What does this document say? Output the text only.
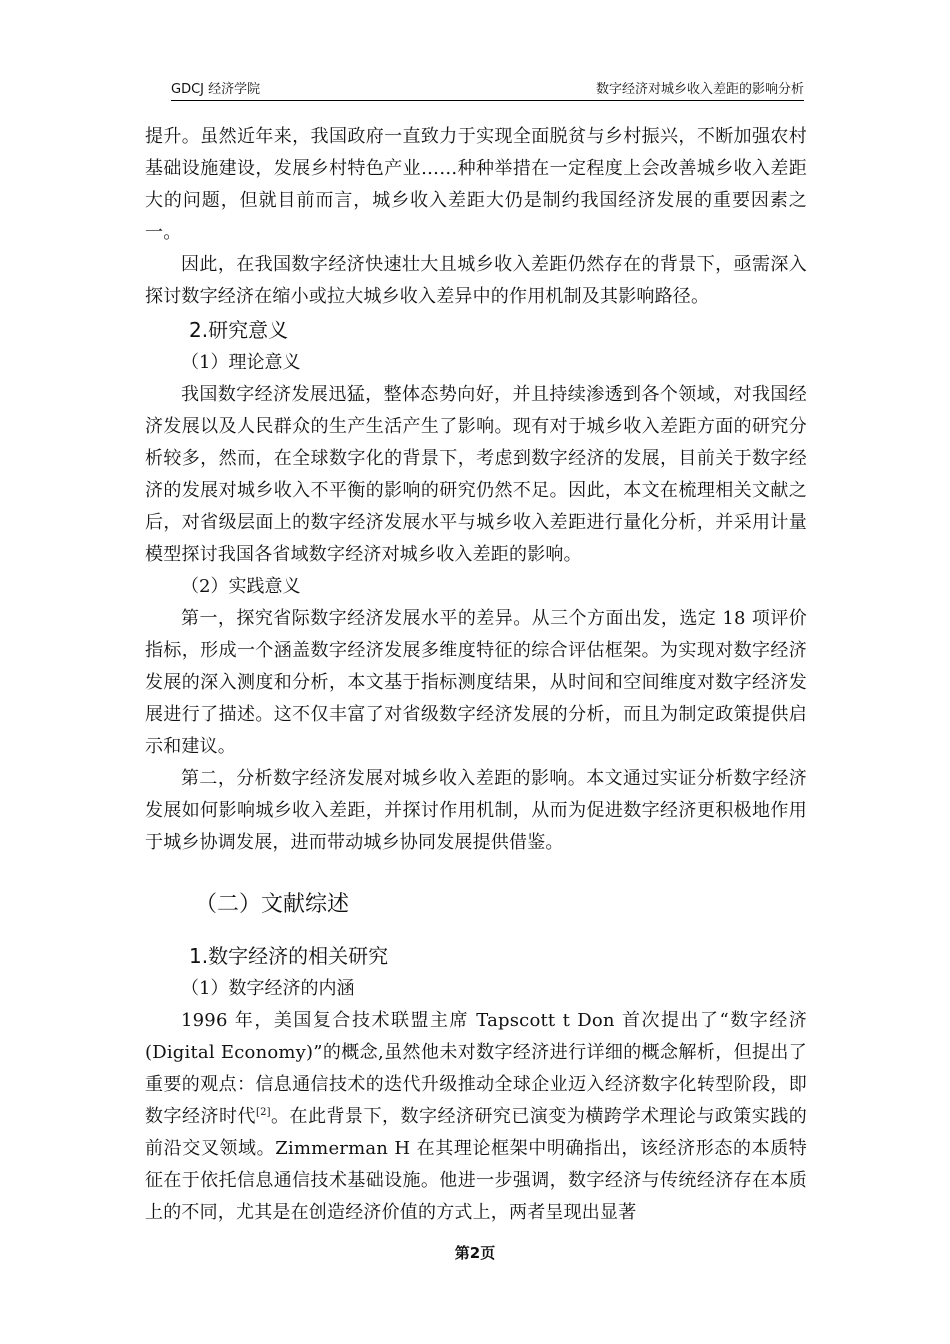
GDCJ 经济学院	数字经济对城乡收入差距的影响分析

提升。虽然近年来，我国政府一直致力于实现全面脱贫与乡村振兴，不断加强农村基础设施建设，发展乡村特色产业……种种举措在一定程度上会改善城乡收入差距大的问题，但就目前而言，城乡收入差距大仍是制约我国经济发展的重要因素之一。

因此，在我国数字经济快速壮大且城乡收入差距仍然存在的背景下，亟需深入探讨数字经济在缩小或拉大城乡收入差异中的作用机制及其影响路径。

2.研究意义
（1）理论意义

我国数字经济发展迅猛，整体态势向好，并且持续渗透到各个领域，对我国经济发展以及人民群众的生产生活产生了影响。现有对于城乡收入差距方面的研究分析较多，然而，在全球数字化的背景下，考虑到数字经济的发展，目前关于数字经济的发展对城乡收入不平衡的影响的研究仍然不足。因此，本文在梳理相关文献之后，对省级层面上的数字经济发展水平与城乡收入差距进行量化分析，并采用计量模型探讨我国各省域数字经济对城乡收入差距的影响。

（2）实践意义

第一，探究省际数字经济发展水平的差异。从三个方面出发，选定 18 项评价指标，形成一个涵盖数字经济发展多维度特征的综合评估框架。为实现对数字经济发展的深入测度和分析，本文基于指标测度结果，从时间和空间维度对数字经济发展进行了描述。这不仅丰富了对省级数字经济发展的分析，而且为制定政策提供启示和建议。

第二，分析数字经济发展对城乡收入差距的影响。本文通过实证分析数字经济发展如何影响城乡收入差距，并探讨作用机制，从而为促进数字经济更积极地作用于城乡协调发展，进而带动城乡协同发展提供借鉴。

（二）文献综述
1.数字经济的相关研究
（1）数字经济的内涵

1996 年，美国复合技术联盟主席 Tapscott t Don 首次提出了“数字经济(Digital Economy)”的概念,虽然他未对数字经济进行详细的概念解析，但提出了重要的观点：信息通信技术的迭代升级推动全球企业迈入经济数字化转型阶段，即数字经济时代[2]。在此背景下，数字经济研究已演变为横跨学术理论与政策实践的前沿交叉领域。Zimmerman H 在其理论框架中明确指出，该经济形态的本质特征在于依托信息通信技术基础设施。他进一步强调，数字经济与传统经济存在本质上的不同，尤其是在创造经济价值的方式上，两者呈现出显著

第2页
